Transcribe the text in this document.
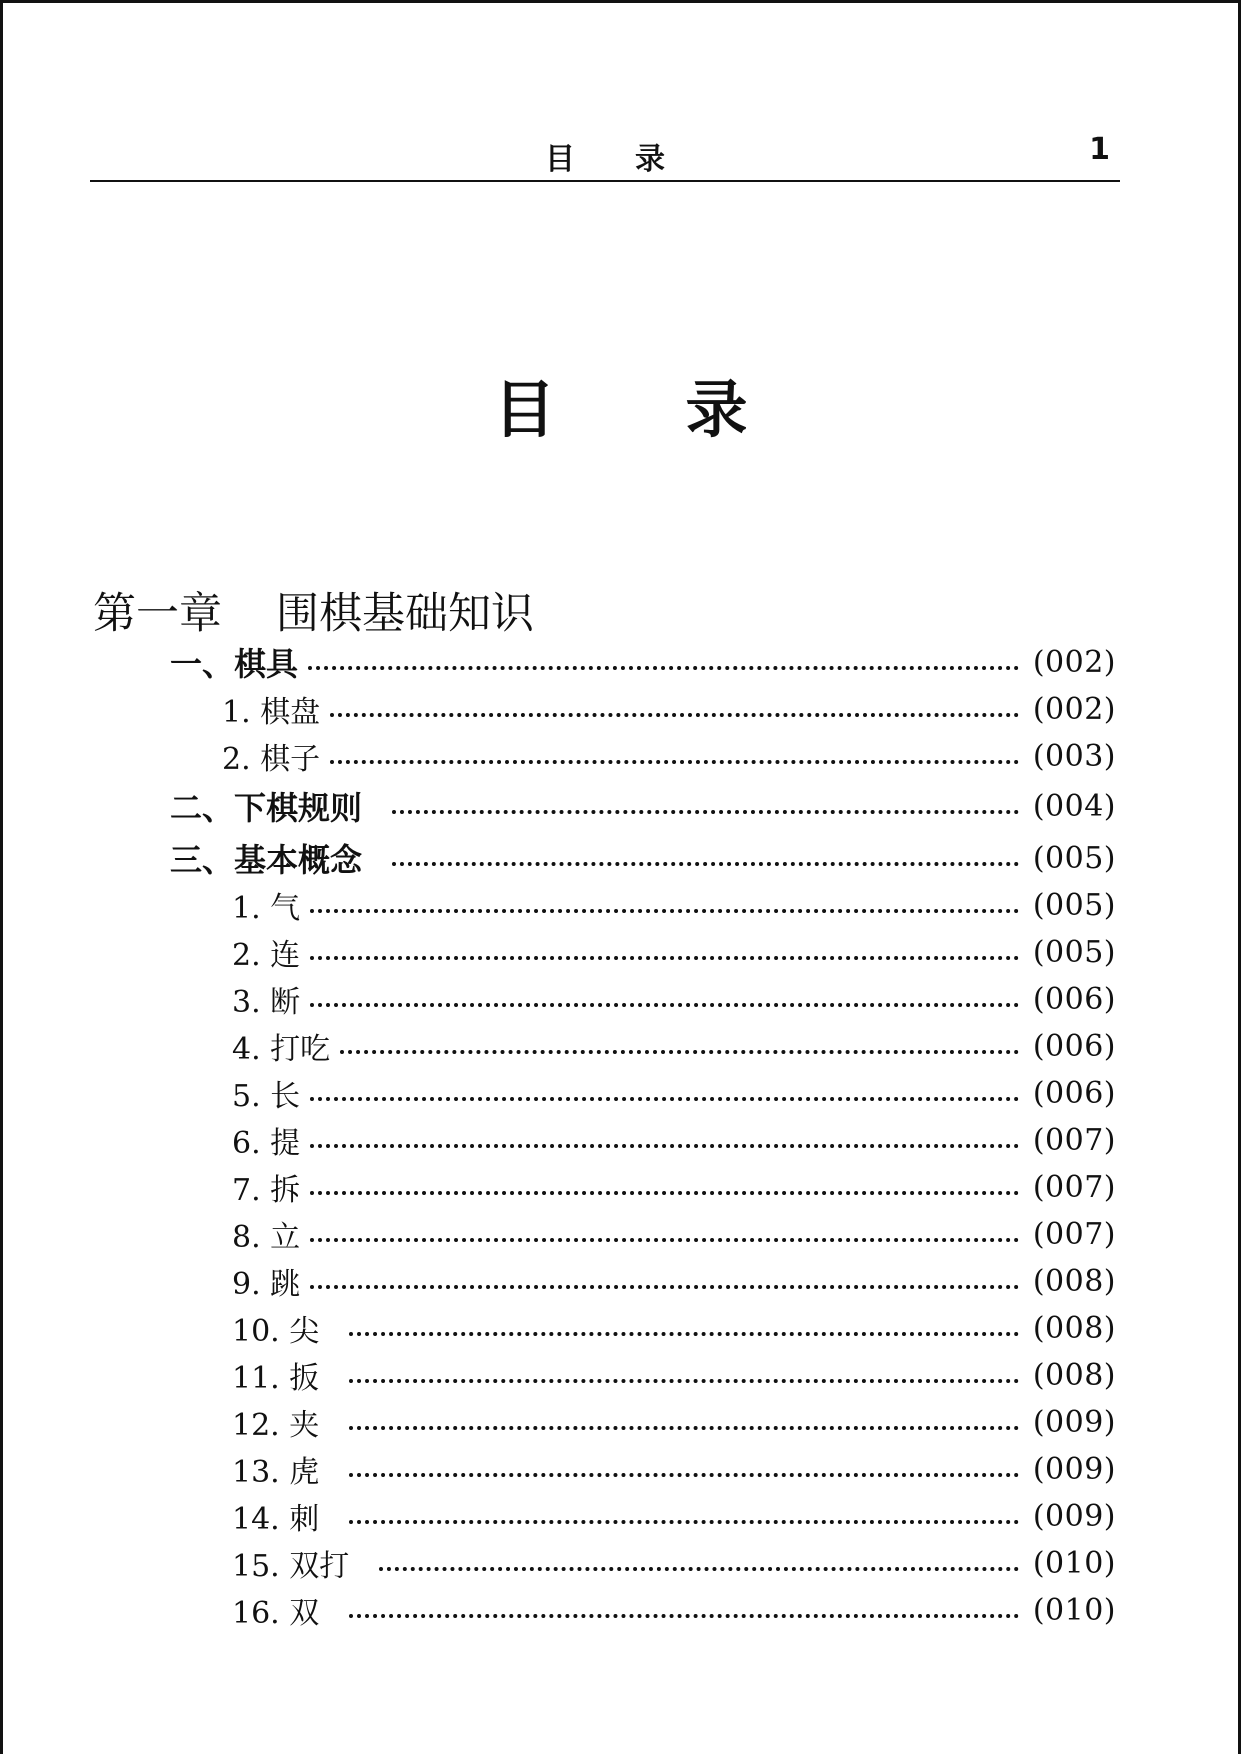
目录	1
目录
第一章 围棋基础知识
一、棋具	(002)
1. 棋盘	(002)
2. 棋子	(003)
二、下棋规则	(004)
三、基本概念	(005)
1. 气	(005)
2. 连	(005)
3. 断	(006)
4. 打吃	(006)
5. 长	(006)
6. 提	(007)
7. 拆	(007)
8. 立	(007)
9. 跳	(008)
10. 尖	(008)
11. 扳	(008)
12. 夹	(009)
13. 虎	(009)
14. 刺	(009)
15. 双打	(010)
16. 双	(010)
